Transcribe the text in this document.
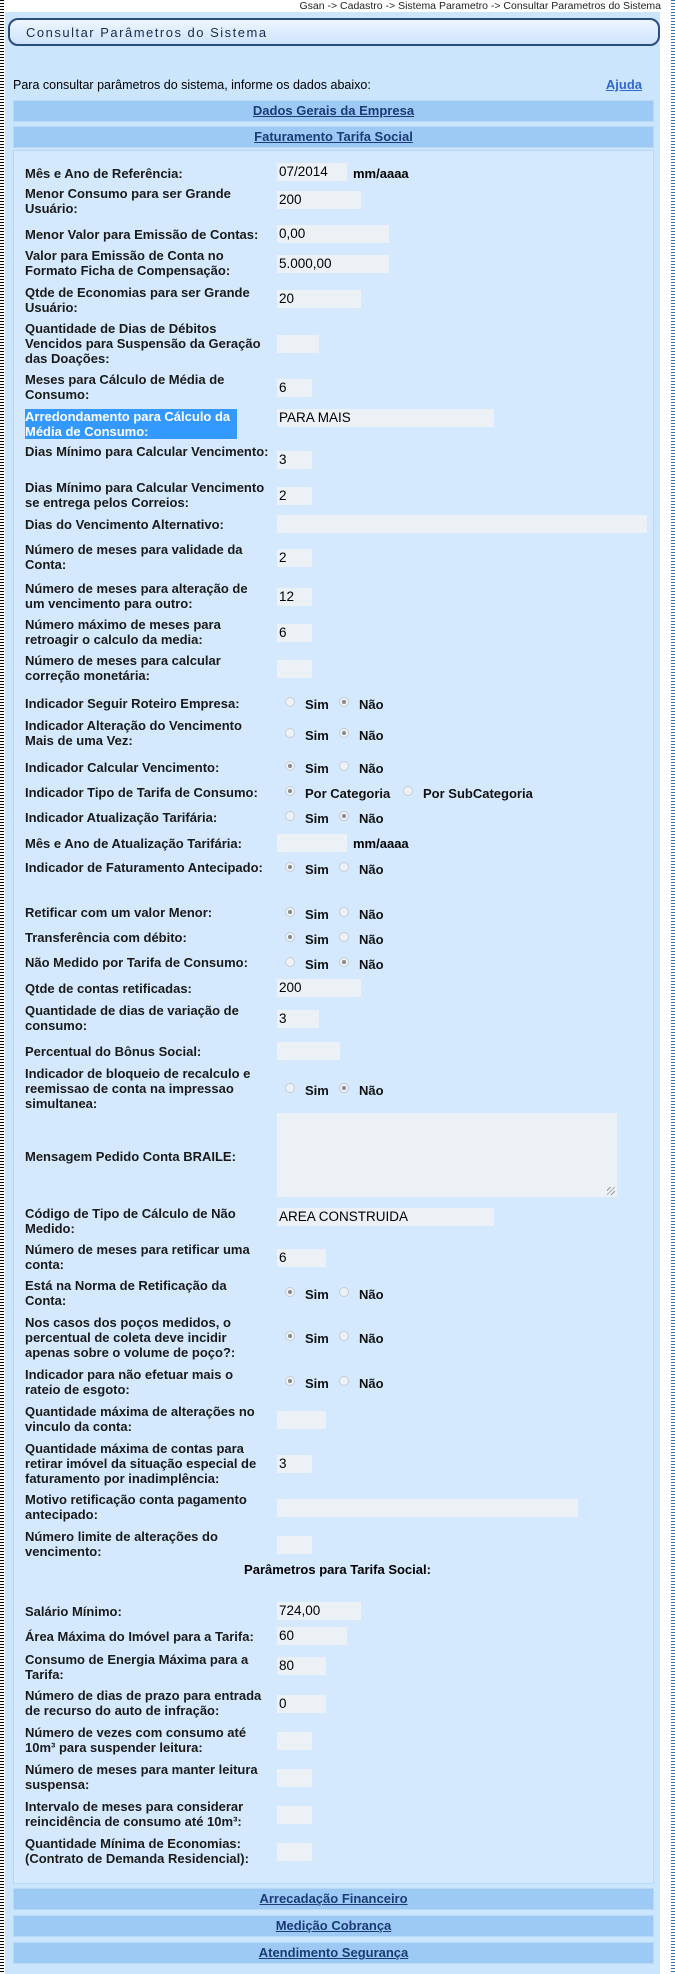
Gsan -> Cadastro -> Sistema Parametro -> Consultar Parametros do Sistema
Consultar Parâmetros do Sistema
Para consultar parâmetros do sistema, informe os dados abaixo:	Ajuda
Dados Gerais da Empresa
Faturamento Tarifa Social
Mês e Ano de Referência:	07/2014	mm/aaaa
Menor Consumo para ser Grande Usuário:
200
Menor Valor para Emissão de Contas:	0,00
Valor para Emissão de Conta no Formato Ficha de Compensação:	5.000,00
Qtde de Economias para ser Grande Usuário:
20
Quantidade de Dias de Débitos Vencidos para Suspensão da Geração das Doações:
Meses para Cálculo de Média de Consumo:	6
Arredondamento para Cálculo da Média de Consumo:
PARA MAIS
Dias Mínimo para Calcular Vencimento:
3
Dias Mínimo para Calcular Vencimento se entrega pelos Correios:	2
Dias do Vencimento Alternativo:
Número de meses para validade da Conta:	2
Número de meses para alteração de um vencimento para outro:	12
Número máximo de meses para retroagir o calculo da media:	6
Número de meses para calcular correção monetária:
Indicador Seguir Roteiro Empresa:	Sim Não
Indicador Alteração do Vencimento Mais de uma Vez:	Sim Não
Indicador Calcular Vencimento:	Sim Não
Indicador Tipo de Tarifa de Consumo:	Por Categoria	Por SubCategoria
Indicador Atualização Tarifária:	Sim Não
Mês e Ano de Atualização Tarifária:	mm/aaaa
Indicador de Faturamento Antecipado:	Sim Não
Retificar com um valor Menor:	Sim Não
Transferência com débito:	Sim Não
Não Medido por Tarifa de Consumo:	Sim Não
Qtde de contas retificadas:	200
Quantidade de dias de variação de consumo:	3
Percentual do Bônus Social:
Indicador de bloqueio de recalculo e reemissao de conta na impressao simultanea:
Sim Não
Mensagem Pedido Conta BRAILE:
Código de Tipo de Cálculo de Não Medido:
AREA CONSTRUIDA
Número de meses para retificar uma conta:	6
Está na Norma de Retificação da Conta:	Sim Não
Nos casos dos poços medidos, o percentual de coleta deve incidir apenas sobre o volume de poço?:
Sim Não
Indicador para não efetuar mais o rateio de esgoto:	Sim Não
Quantidade máxima de alterações no vinculo da conta:
Quantidade máxima de contas para retirar imóvel da situação especial de faturamento por inadimplência:
3
Motivo retificação conta pagamento antecipado:
Número limite de alterações do vencimento:
Parâmetros para Tarifa Social:
Salário Mínimo:	724,00
Área Máxima do Imóvel para a Tarifa:	60
Consumo de Energia Máxima para a Tarifa:
80
Número de dias de prazo para entrada de recurso do auto de infração:	0
Número de vezes com consumo até 10m³ para suspender leitura:
Número de meses para manter leitura suspensa:
Intervalo de meses para considerar reincidência de consumo até 10m³:
Quantidade Mínima de Economias: (Contrato de Demanda Residencial):
Arrecadação Financeiro
Medição Cobrança
Atendimento Segurança
